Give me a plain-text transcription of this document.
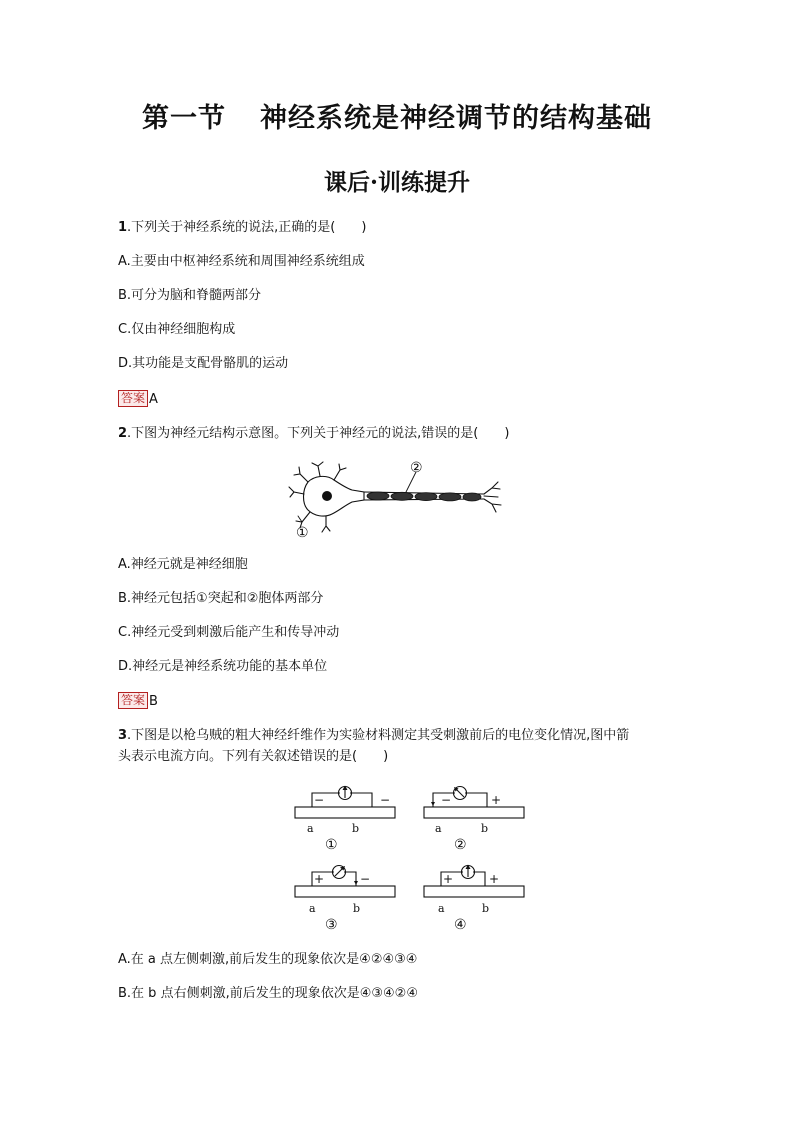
第一节 神经系统是神经调节的结构基础
课后·训练提升
1.下列关于神经系统的说法,正确的是(　　)
A.主要由中枢神经系统和周围神经系统组成
B.可分为脑和脊髓两部分
C.仅由神经细胞构成
D.其功能是支配骨骼肌的运动
答案 A
2.下图为神经元结构示意图。下列关于神经元的说法,错误的是(　　)
②
①
A.神经元就是神经细胞
B.神经元包括①突起和②胞体两部分
C.神经元受到刺激后能产生和传导冲动
D.神经元是神经系统功能的基本单位
答案 B
3.下图是以枪乌贼的粗大神经纤维作为实验材料测定其受刺激前后的电位变化情况,图中箭
头表示电流方向。下列有关叙述错误的是(　　)
−	−
a	b
①
−	+
a	b
②
+	−
a	b
③
+	+
a	b
④
A.在 a 点左侧刺激,前后发生的现象依次是④②④③④
B.在 b 点右侧刺激,前后发生的现象依次是④③④②④
